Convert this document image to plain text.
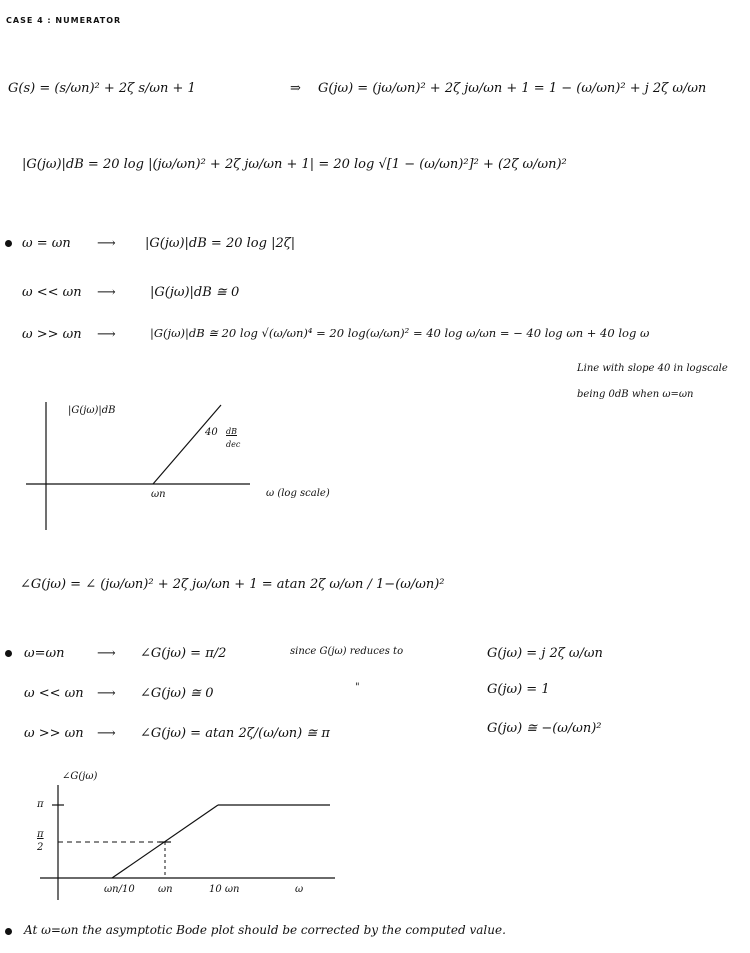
CASE 4 : NUMERATOR
G(s) = (s/ωn)² + 2ζ s/ωn + 1	⇒ G(jω) = (jω/ωn)² + 2ζ jω/ωn + 1 = 1 − (ω/ωn)² + j 2ζ ω/ωn
|G(jω)|dB = 20 log |(jω/ωn)² + 2ζ jω/ωn + 1| = 20 log √[1 − (ω/ωn)²]² + (2ζ ω/ωn)²
ω = ωn ⟶ |G(jω)|dB = 20 log |2ζ|
ω << ωn ⟶	|G(jω)|dB ≅ 0
ω >> ωn ⟶	|G(jω)|dB ≅ 20 log √(ω/ωn)⁴ = 20 log(ω/ωn)² = 40 log ω/ωn = − 40 log ωn + 40 log ω
Line with slope 40 in logscale
being 0dB when ω=ωn
|G(jω)|dB
40 dB
dec
ωn	ω (log scale)
∠G(jω) = ∠ (jω/ωn)² + 2ζ jω/ωn + 1 = atan 2ζ ω/ωn / 1−(ω/ωn)²
ω=ωn	⟶ ∠G(jω) = π/2	since G(jω) reduces to	G(jω) = j 2ζ ω/ωn
ω << ωn ⟶ ∠G(jω) ≅ 0	"	G(jω) = 1
ω >> ωn ⟶ ∠G(jω) = atan 2ζ/(ω/ωn) ≅ π	G(jω) ≅ −(ω/ωn)²
∠G(jω)
π
π
2
ωn/10 ωn	10 ωn	ω
At ω=ωn the asymptotic Bode plot should be corrected by the computed value.
